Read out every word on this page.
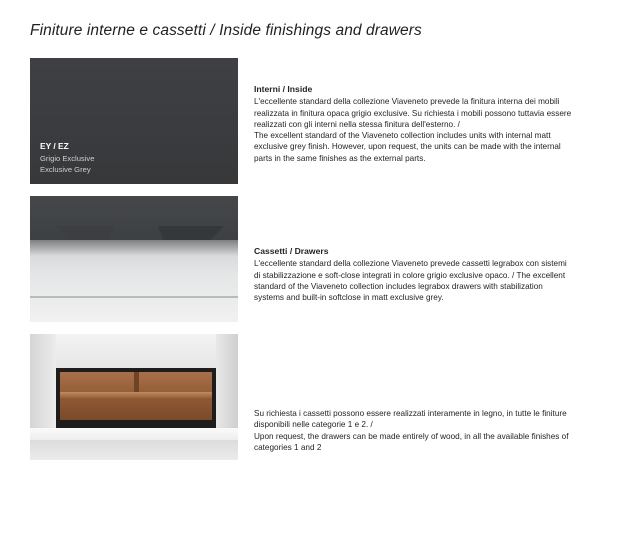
Finiture interne e cassetti / Inside finishings and drawers
EY / EZ
Grigio Exclusive
Exclusive Grey
Interni / Inside

L'eccellente standard della collezione Viaveneto prevede la finitura interna dei mobili realizzata in finitura opaca grigio exclusive. Su richiesta i mobili possono tuttavia essere realizzati con gli interni nella stessa finitura dell'esterno. /

The excellent standard of the Viaveneto collection includes units with internal matt exclusive grey finish. However, upon request, the units can be made with the internal parts in the same finishes as the external parts.

Cassetti / Drawers

L'eccellente standard della collezione Viaveneto prevede cassetti legrabox con sistemi di stabilizzazione e soft-close integrati in colore grigio exclusive opaco. / The excellent standard of the Viaveneto collection includes legrabox drawers with stabilization systems and built-in softclose in matt exclusive grey.

Su richiesta i cassetti possono essere realizzati interamente in legno, in tutte le finiture disponibili nelle categorie 1 e 2. /

Upon request, the drawers can be made entirely of wood, in all the available finishes of categories 1 and 2
